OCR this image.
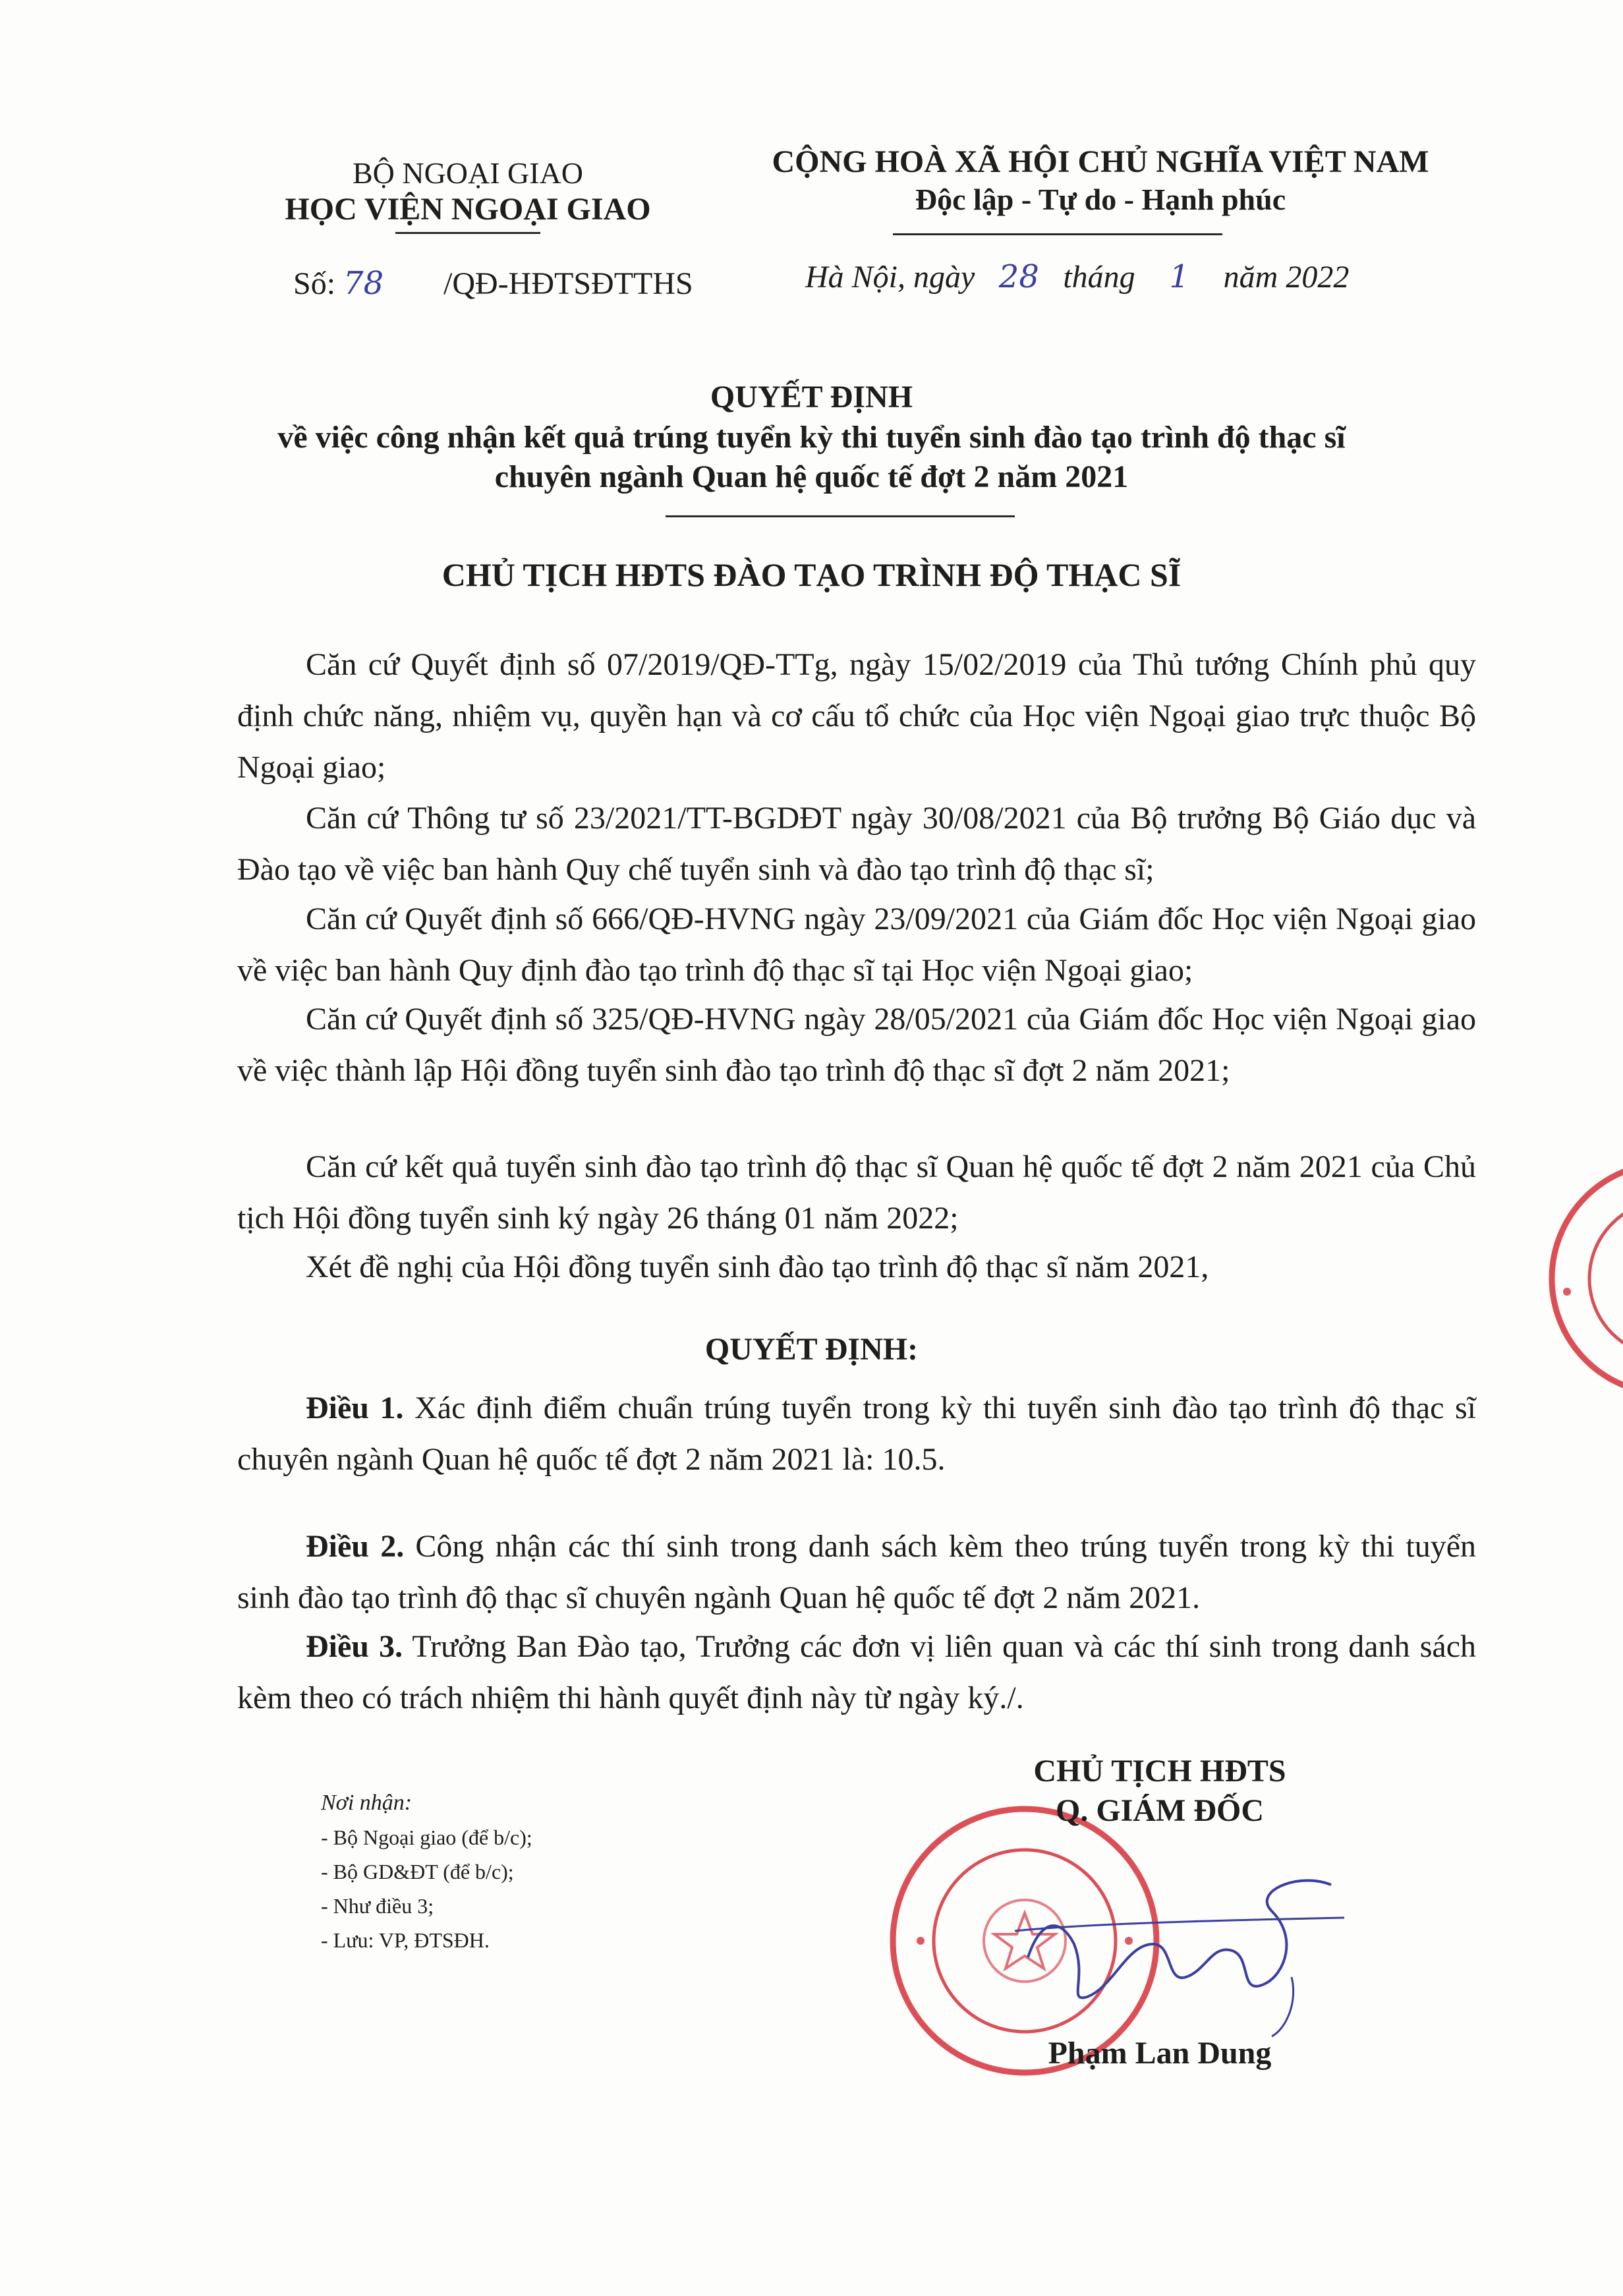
BỘ NGOẠI GIAO
HỌC VIỆN NGOẠI GIAO
CỘNG HOÀ XÃ HỘI CHỦ NGHĨA VIỆT NAM
Độc lập - Tự do - Hạnh phúc
Số: 78 /QĐ-HĐTSĐTTHS	Hà Nội, ngày 28 tháng 1 năm 2022
QUYẾT ĐỊNH
về việc công nhận kết quả trúng tuyển kỳ thi tuyển sinh đào tạo trình độ thạc sĩ
chuyên ngành Quan hệ quốc tế đợt 2 năm 2021
CHỦ TỊCH HĐTS ĐÀO TẠO TRÌNH ĐỘ THẠC SĨ
Căn cứ Quyết định số 07/2019/QĐ-TTg, ngày 15/02/2019 của Thủ tướng Chính phủ quy định chức năng, nhiệm vụ, quyền hạn và cơ cấu tổ chức của Học viện Ngoại giao trực thuộc Bộ Ngoại giao;
Căn cứ Thông tư số 23/2021/TT-BGDĐT ngày 30/08/2021 của Bộ trưởng Bộ Giáo dục và Đào tạo về việc ban hành Quy chế tuyển sinh và đào tạo trình độ thạc sĩ;
Căn cứ Quyết định số 666/QĐ-HVNG ngày 23/09/2021 của Giám đốc Học viện Ngoại giao về việc ban hành Quy định đào tạo trình độ thạc sĩ tại Học viện Ngoại giao;
Căn cứ Quyết định số 325/QĐ-HVNG ngày 28/05/2021 của Giám đốc Học viện Ngoại giao về việc thành lập Hội đồng tuyển sinh đào tạo trình độ thạc sĩ đợt 2 năm 2021;
Căn cứ kết quả tuyển sinh đào tạo trình độ thạc sĩ Quan hệ quốc tế đợt 2 năm 2021 của Chủ tịch Hội đồng tuyển sinh ký ngày 26 tháng 01 năm 2022;
Xét đề nghị của Hội đồng tuyển sinh đào tạo trình độ thạc sĩ năm 2021,
QUYẾT ĐỊNH:
Điều 1. Xác định điểm chuẩn trúng tuyển trong kỳ thi tuyển sinh đào tạo trình độ thạc sĩ chuyên ngành Quan hệ quốc tế đợt 2 năm 2021 là: 10.5.
Điều 2. Công nhận các thí sinh trong danh sách kèm theo trúng tuyển trong kỳ thi tuyển sinh đào tạo trình độ thạc sĩ chuyên ngành Quan hệ quốc tế đợt 2 năm 2021.
Điều 3. Trưởng Ban Đào tạo, Trưởng các đơn vị liên quan và các thí sinh trong danh sách kèm theo có trách nhiệm thi hành quyết định này từ ngày ký./.
Nơi nhận:
- Bộ Ngoại giao (để b/c);
- Bộ GD&ĐT (để b/c);
- Như điều 3;
- Lưu: VP, ĐTSĐH.
CHỦ TỊCH HĐTS
Q. GIÁM ĐỐC
Phạm Lan Dung
